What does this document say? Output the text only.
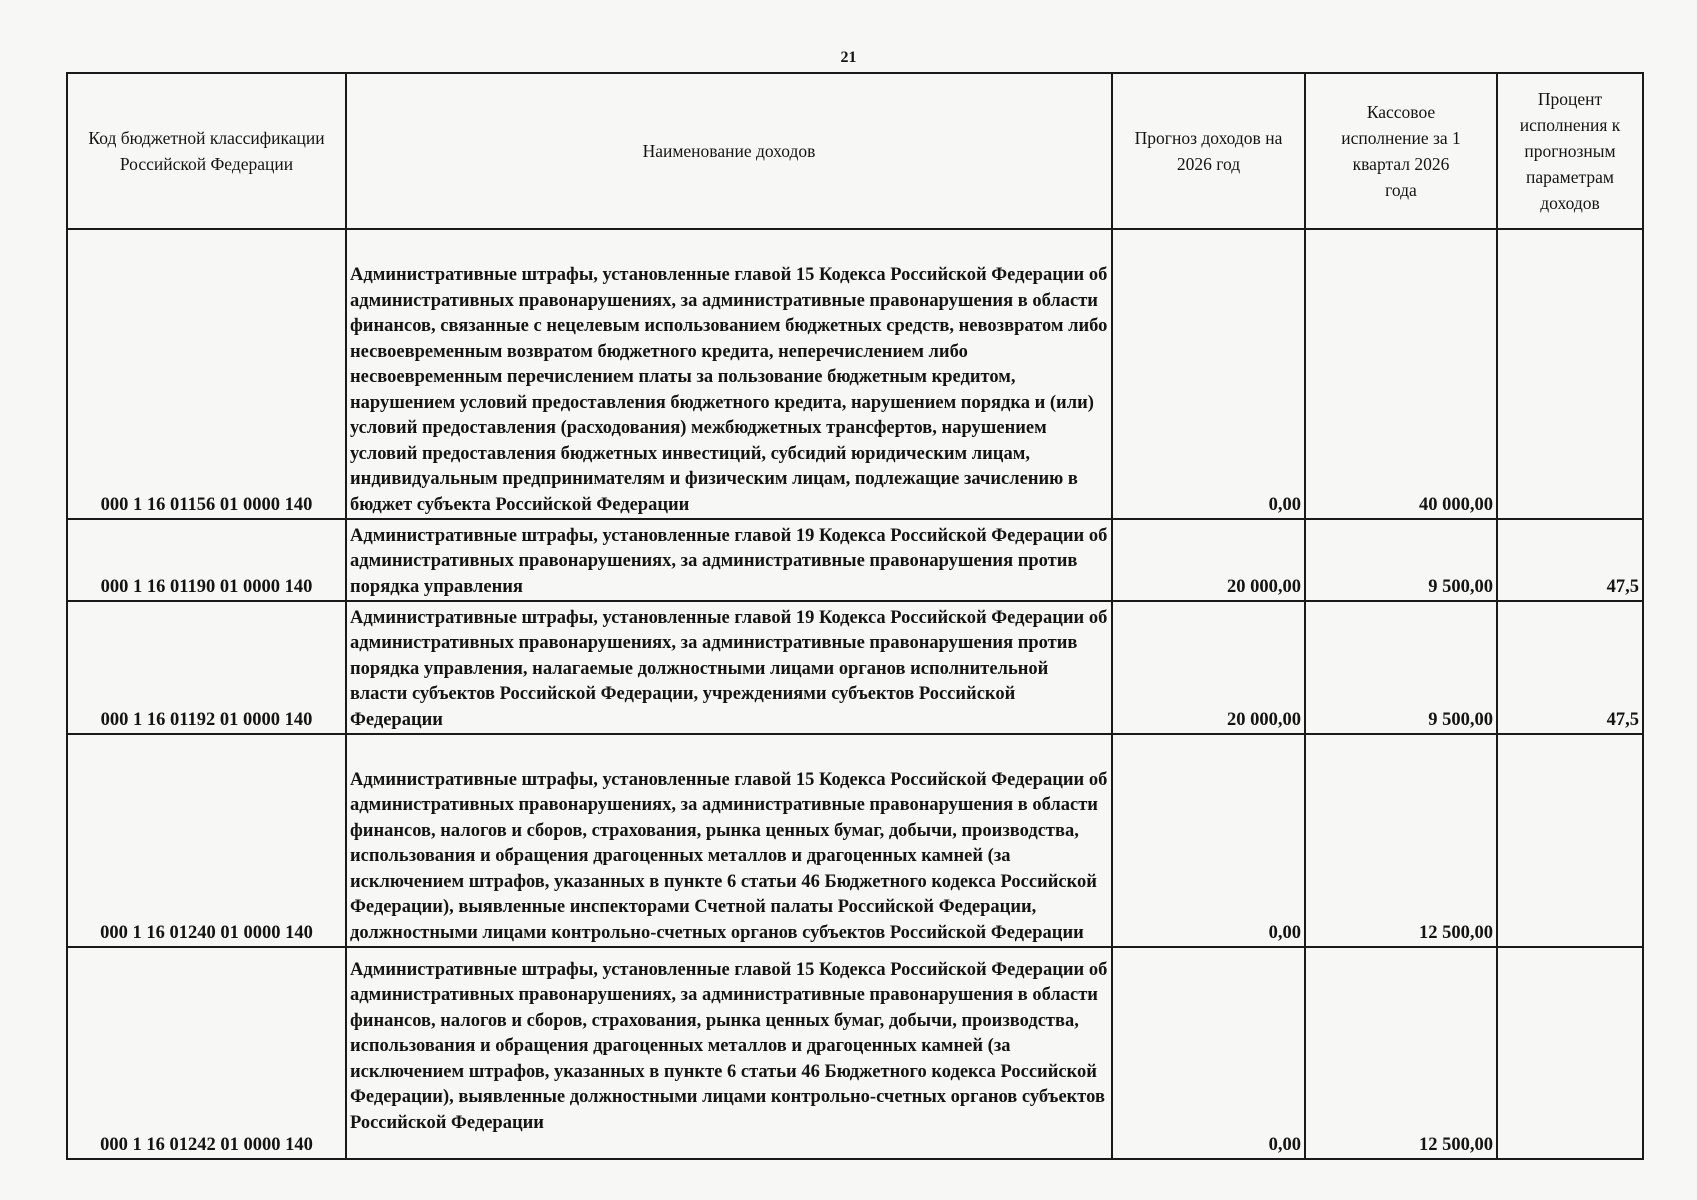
21
Код бюджетной классификации Российской Федерации	Наименование доходов	Прогноз доходов на 2026 год	Кассовое исполнение за 1 квартал 2026 года	Процент исполнения к прогнозным параметрам доходов
000 1 16 01156 01 0000 140	Административные штрафы, установленные главой 15 Кодекса Российской Федерации об административных правонарушениях, за административные правонарушения в области финансов, связанные с нецелевым использованием бюджетных средств, невозвратом либо несвоевременным возвратом бюджетного кредита, неперечислением либо несвоевременным перечислением платы за пользование бюджетным кредитом, нарушением условий предоставления бюджетного кредита, нарушением порядка и (или) условий предоставления (расходования) межбюджетных трансфертов, нарушением условий предоставления бюджетных инвестиций, субсидий юридическим лицам, индивидуальным предпринимателям и физическим лицам, подлежащие зачислению в бюджет субъекта Российской Федерации	0,00	40 000,00	
000 1 16 01190 01 0000 140	Административные штрафы, установленные главой 19 Кодекса Российской Федерации об административных правонарушениях, за административные правонарушения против порядка управления	20 000,00	9 500,00	47,5
000 1 16 01192 01 0000 140	Административные штрафы, установленные главой 19 Кодекса Российской Федерации об административных правонарушениях, за административные правонарушения против порядка управления, налагаемые должностными лицами органов исполнительной власти субъектов Российской Федерации, учреждениями субъектов Российской Федерации	20 000,00	9 500,00	47,5
000 1 16 01240 01 0000 140	Административные штрафы, установленные главой 15 Кодекса Российской Федерации об административных правонарушениях, за административные правонарушения в области финансов, налогов и сборов, страхования, рынка ценных бумаг, добычи, производства, использования и обращения драгоценных металлов и драгоценных камней (за исключением штрафов, указанных в пункте 6 статьи 46 Бюджетного кодекса Российской Федерации), выявленные инспекторами Счетной палаты Российской Федерации, должностными лицами контрольно-счетных органов субъектов Российской Федерации	0,00	12 500,00	
000 1 16 01242 01 0000 140	Административные штрафы, установленные главой 15 Кодекса Российской Федерации об административных правонарушениях, за административные правонарушения в области финансов, налогов и сборов, страхования, рынка ценных бумаг, добычи, производства, использования и обращения драгоценных металлов и драгоценных камней (за исключением штрафов, указанных в пункте 6 статьи 46 Бюджетного кодекса Российской Федерации), выявленные должностными лицами контрольно-счетных органов субъектов Российской Федерации	0,00	12 500,00	
